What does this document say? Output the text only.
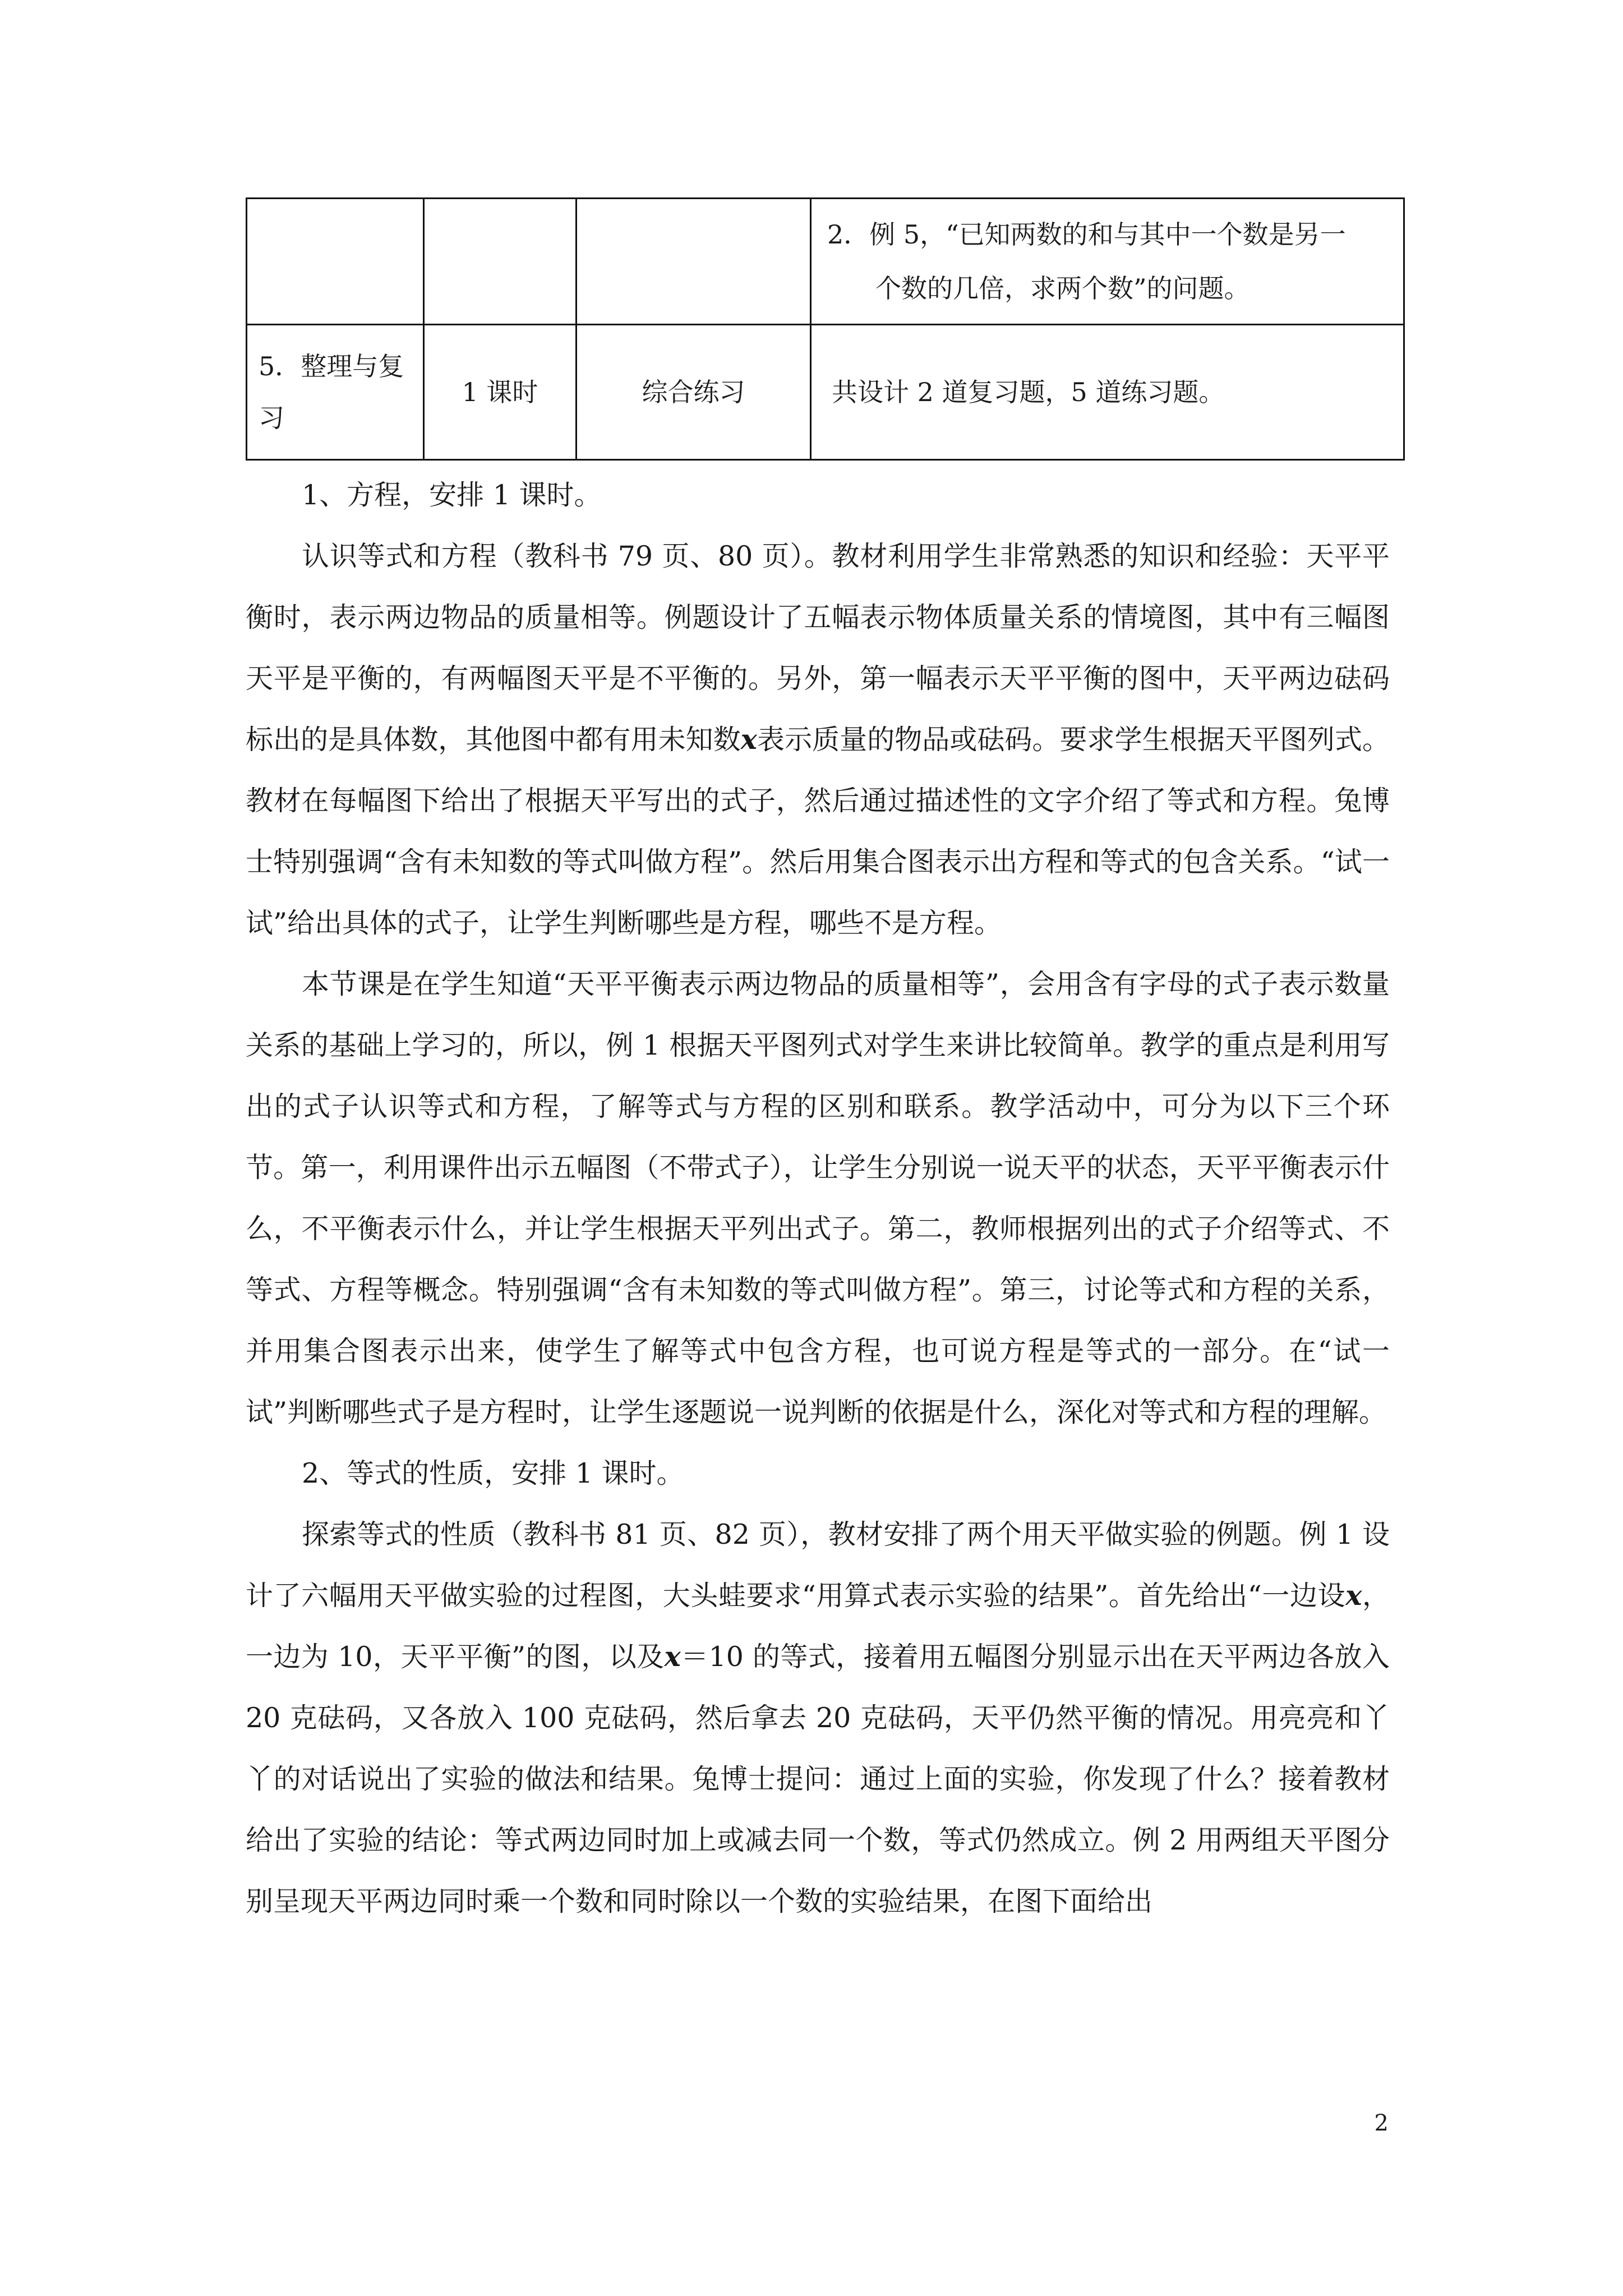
			2．例 5，“已知两数的和与其中一个数是另一
个数的几倍，求两个数”的问题。

5．整理与复习	1 课时	综合练习	共设计 2 道复习题，5 道练习题。

1、方程，安排 1 课时。

认识等式和方程（教科书 79 页、80 页）。教材利用学生非常熟悉的知识和经验：天平平衡时，表示两边物品的质量相等。例题设计了五幅表示物体质量关系的情境图，其中有三幅图天平是平衡的，有两幅图天平是不平衡的。另外，第一幅表示天平平衡的图中，天平两边砝码标出的是具体数，其他图中都有用未知数x表示质量的物品或砝码。要求学生根据天平图列式。教材在每幅图下给出了根据天平写出的式子，然后通过描述性的文字介绍了等式和方程。兔博士特别强调“含有未知数的等式叫做方程”。然后用集合图表示出方程和等式的包含关系。“试一试”给出具体的式子，让学生判断哪些是方程，哪些不是方程。

本节课是在学生知道“天平平衡表示两边物品的质量相等”，会用含有字母的式子表示数量关系的基础上学习的，所以，例 1 根据天平图列式对学生来讲比较简单。教学的重点是利用写出的式子认识等式和方程，了解等式与方程的区别和联系。教学活动中，可分为以下三个环节。第一，利用课件出示五幅图（不带式子），让学生分别说一说天平的状态，天平平衡表示什么，不平衡表示什么，并让学生根据天平列出式子。第二，教师根据列出的式子介绍等式、不等式、方程等概念。特别强调“含有未知数的等式叫做方程”。第三，讨论等式和方程的关系，并用集合图表示出来，使学生了解等式中包含方程，也可说方程是等式的一部分。在“试一试”判断哪些式子是方程时，让学生逐题说一说判断的依据是什么，深化对等式和方程的理解。

2、等式的性质，安排 1 课时。

探索等式的性质（教科书 81 页、82 页），教材安排了两个用天平做实验的例题。例 1 设计了六幅用天平做实验的过程图，大头蛙要求“用算式表示实验的结果”。首先给出“一边设x，一边为 10，天平平衡”的图，以及x＝10 的等式，接着用五幅图分别显示出在天平两边各放入 20 克砝码，又各放入 100 克砝码，然后拿去 20 克砝码，天平仍然平衡的情况。用亮亮和丫丫的对话说出了实验的做法和结果。兔博士提问：通过上面的实验，你发现了什么？接着教材给出了实验的结论：等式两边同时加上或减去同一个数，等式仍然成立。例 2 用两组天平图分别呈现天平两边同时乘一个数和同时除以一个数的实验结果，在图下面给出

2
